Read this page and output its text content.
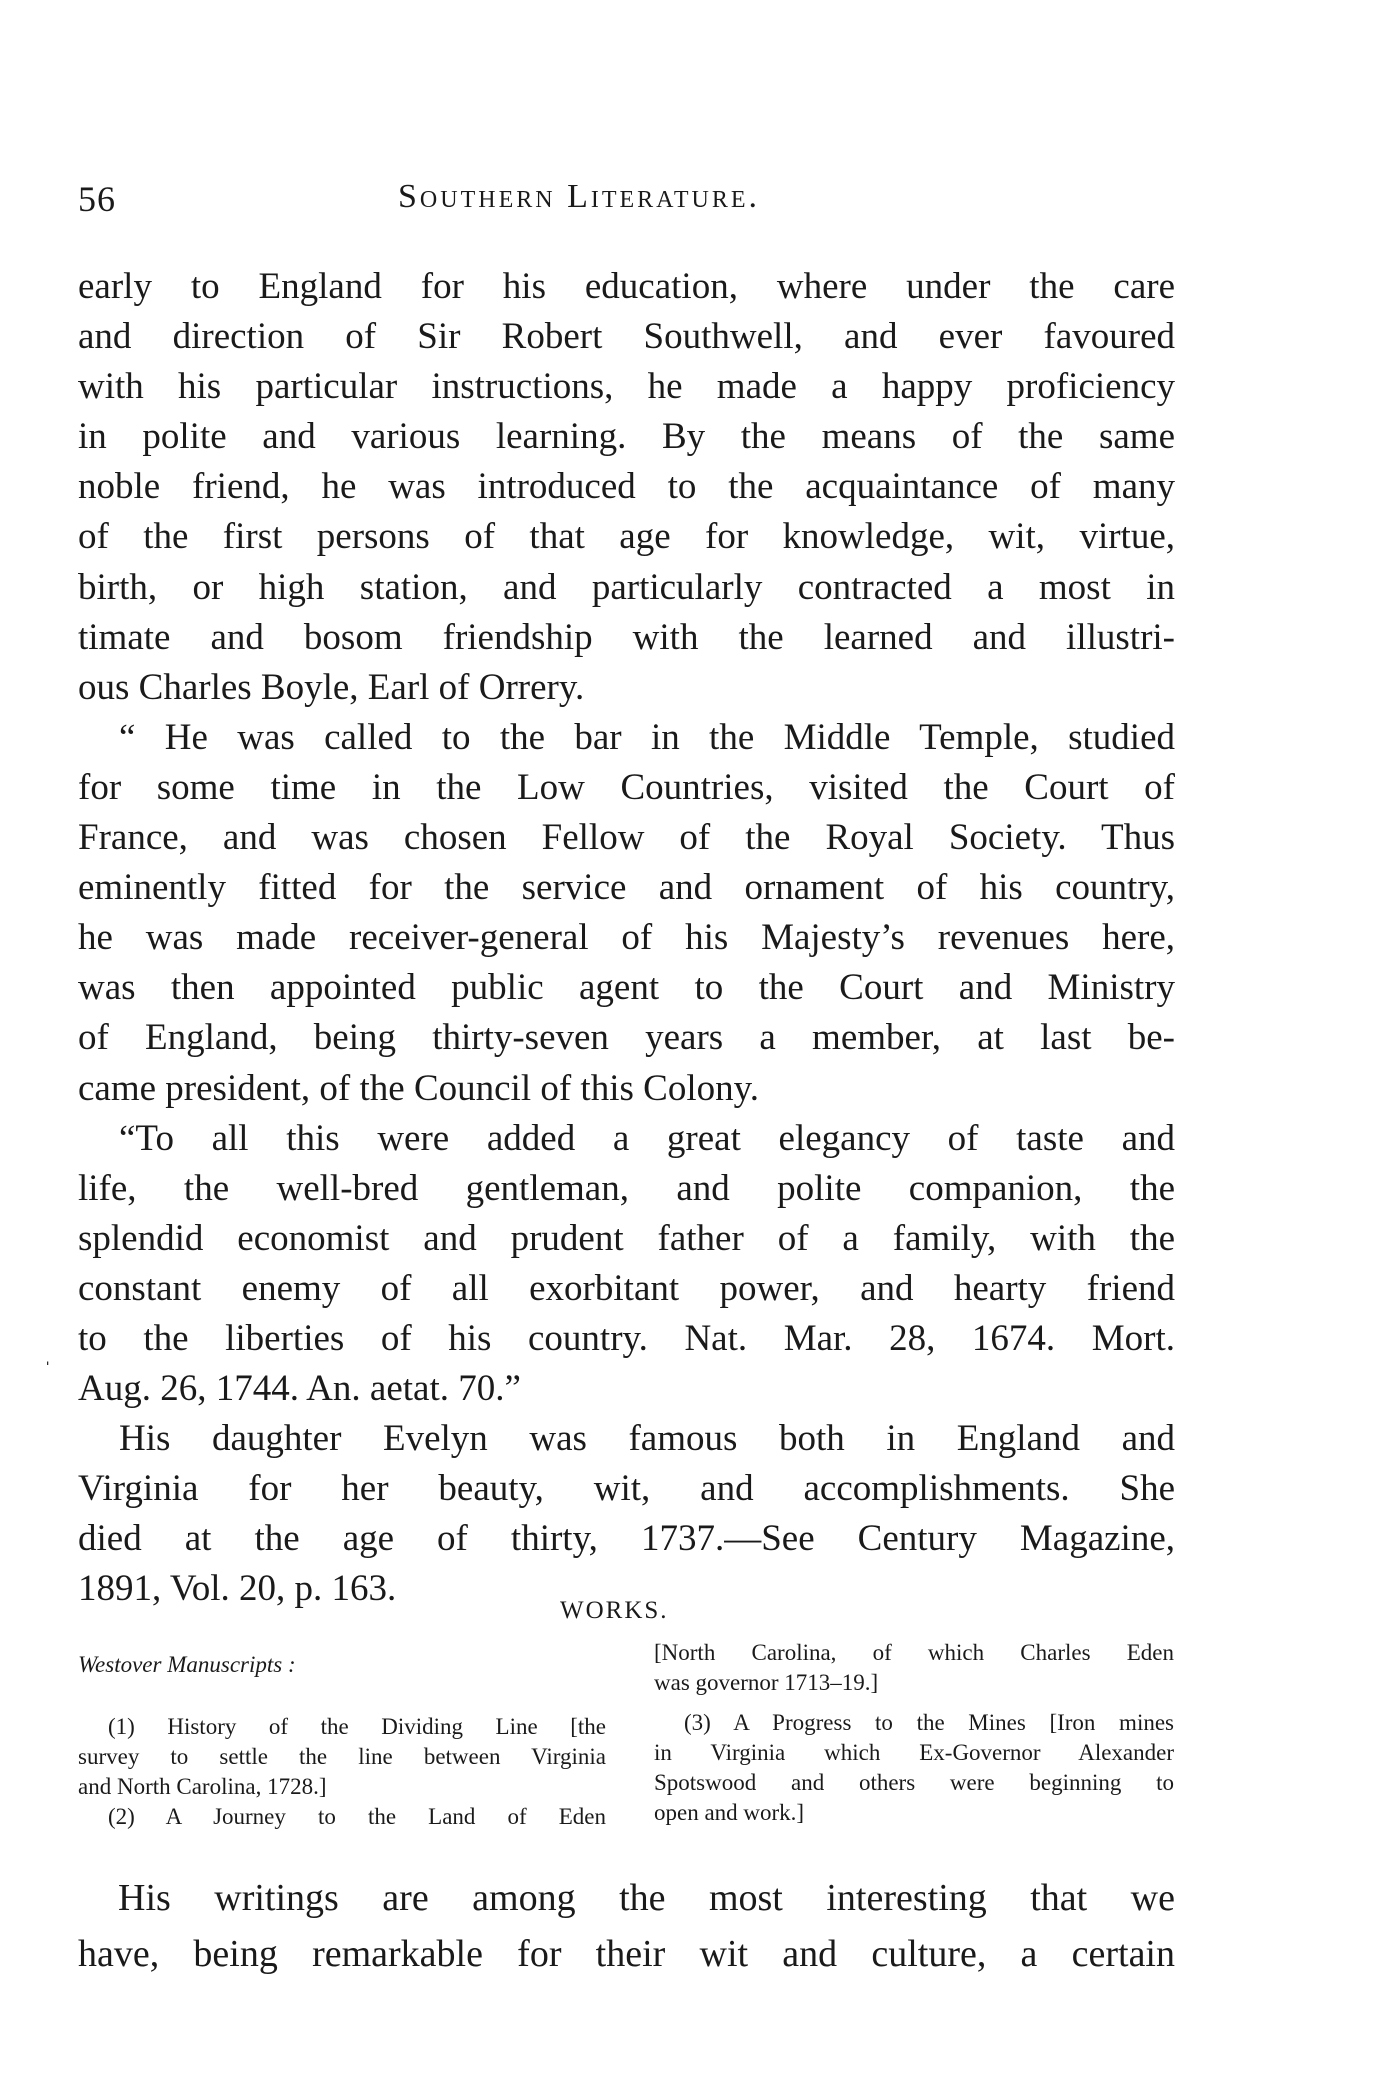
56	Southern Literature.
ˌ
early to England for his education, where under the care
and direction of Sir Robert Southwell, and ever favoured
with his particular instructions, he made a happy proficiency
in polite and various learning. By the means of the same
noble friend, he was introduced to the acquaintance of many
of the first persons of that age for knowledge, wit, virtue,
birth, or high station, and particularly contracted a most in
timate and bosom friendship with the learned and illustri-
ous Charles Boyle, Earl of Orrery.
“ He was called to the bar in the Middle Temple, studied
for some time in the Low Countries, visited the Court of
France, and was chosen Fellow of the Royal Society. Thus
eminently fitted for the service and ornament of his country,
he was made receiver-general of his Majesty’s revenues here,
was then appointed public agent to the Court and Ministry
of England, being thirty-seven years a member, at last be-
came president, of the Council of this Colony.
“To all this were added a great elegancy of taste and
life, the well-bred gentleman, and polite companion, the
splendid economist and prudent father of a family, with the
constant enemy of all exorbitant power, and hearty friend
to the liberties of his country. Nat. Mar. 28, 1674. Mort.
Aug. 26, 1744. An. aetat. 70.”
His daughter Evelyn was famous both in England and
Virginia for her beauty, wit, and accomplishments. She
died at the age of thirty, 1737.—See Century Magazine,
1891, Vol. 20, p. 163.
WORKS.
Westover Manuscripts :
(1) History of the Dividing Line [the
survey to settle the line between Virginia
and North Carolina, 1728.]
(2) A Journey to the Land of Eden
[North Carolina, of which Charles Eden
was governor 1713–19.]
(3) A Progress to the Mines [Iron mines
in Virginia which Ex-Governor Alexander
Spotswood and others were beginning to
open and work.]
His writings are among the most interesting that we
have, being remarkable for their wit and culture, a certain
